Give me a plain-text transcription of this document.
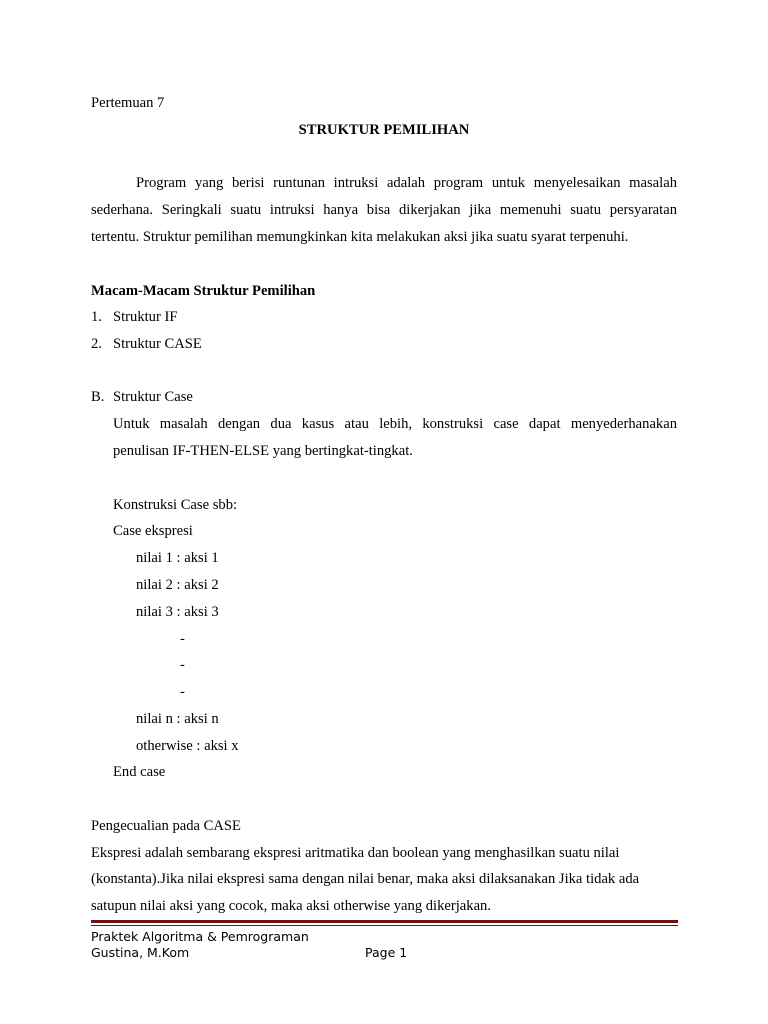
Pertemuan 7
STRUKTUR PEMILIHAN
Program yang berisi runtunan intruksi adalah program untuk menyelesaikan masalah
sederhana. Seringkali suatu intruksi hanya bisa dikerjakan jika memenuhi suatu persyaratan
tertentu. Struktur pemilihan memungkinkan kita melakukan aksi jika suatu syarat terpenuhi.
Macam-Macam Struktur Pemilihan
1. Struktur IF
2. Struktur CASE
B. Struktur Case
Untuk masalah dengan dua kasus atau lebih, konstruksi case dapat menyederhanakan
penulisan IF-THEN-ELSE yang bertingkat-tingkat.
Konstruksi Case sbb:
Case ekspresi
nilai 1 : aksi 1
nilai 2 : aksi 2
nilai 3 : aksi 3
-
-
-
nilai n : aksi n
otherwise : aksi x
End case
Pengecualian pada CASE
Ekspresi adalah sembarang ekspresi aritmatika dan boolean yang menghasilkan suatu nilai
(konstanta).Jika nilai ekspresi sama dengan nilai benar, maka aksi dilaksanakan Jika tidak ada
satupun nilai aksi yang cocok, maka aksi otherwise yang dikerjakan.
Praktek Algoritma & Pemrograman
Gustina, M.Kom	Page 1
